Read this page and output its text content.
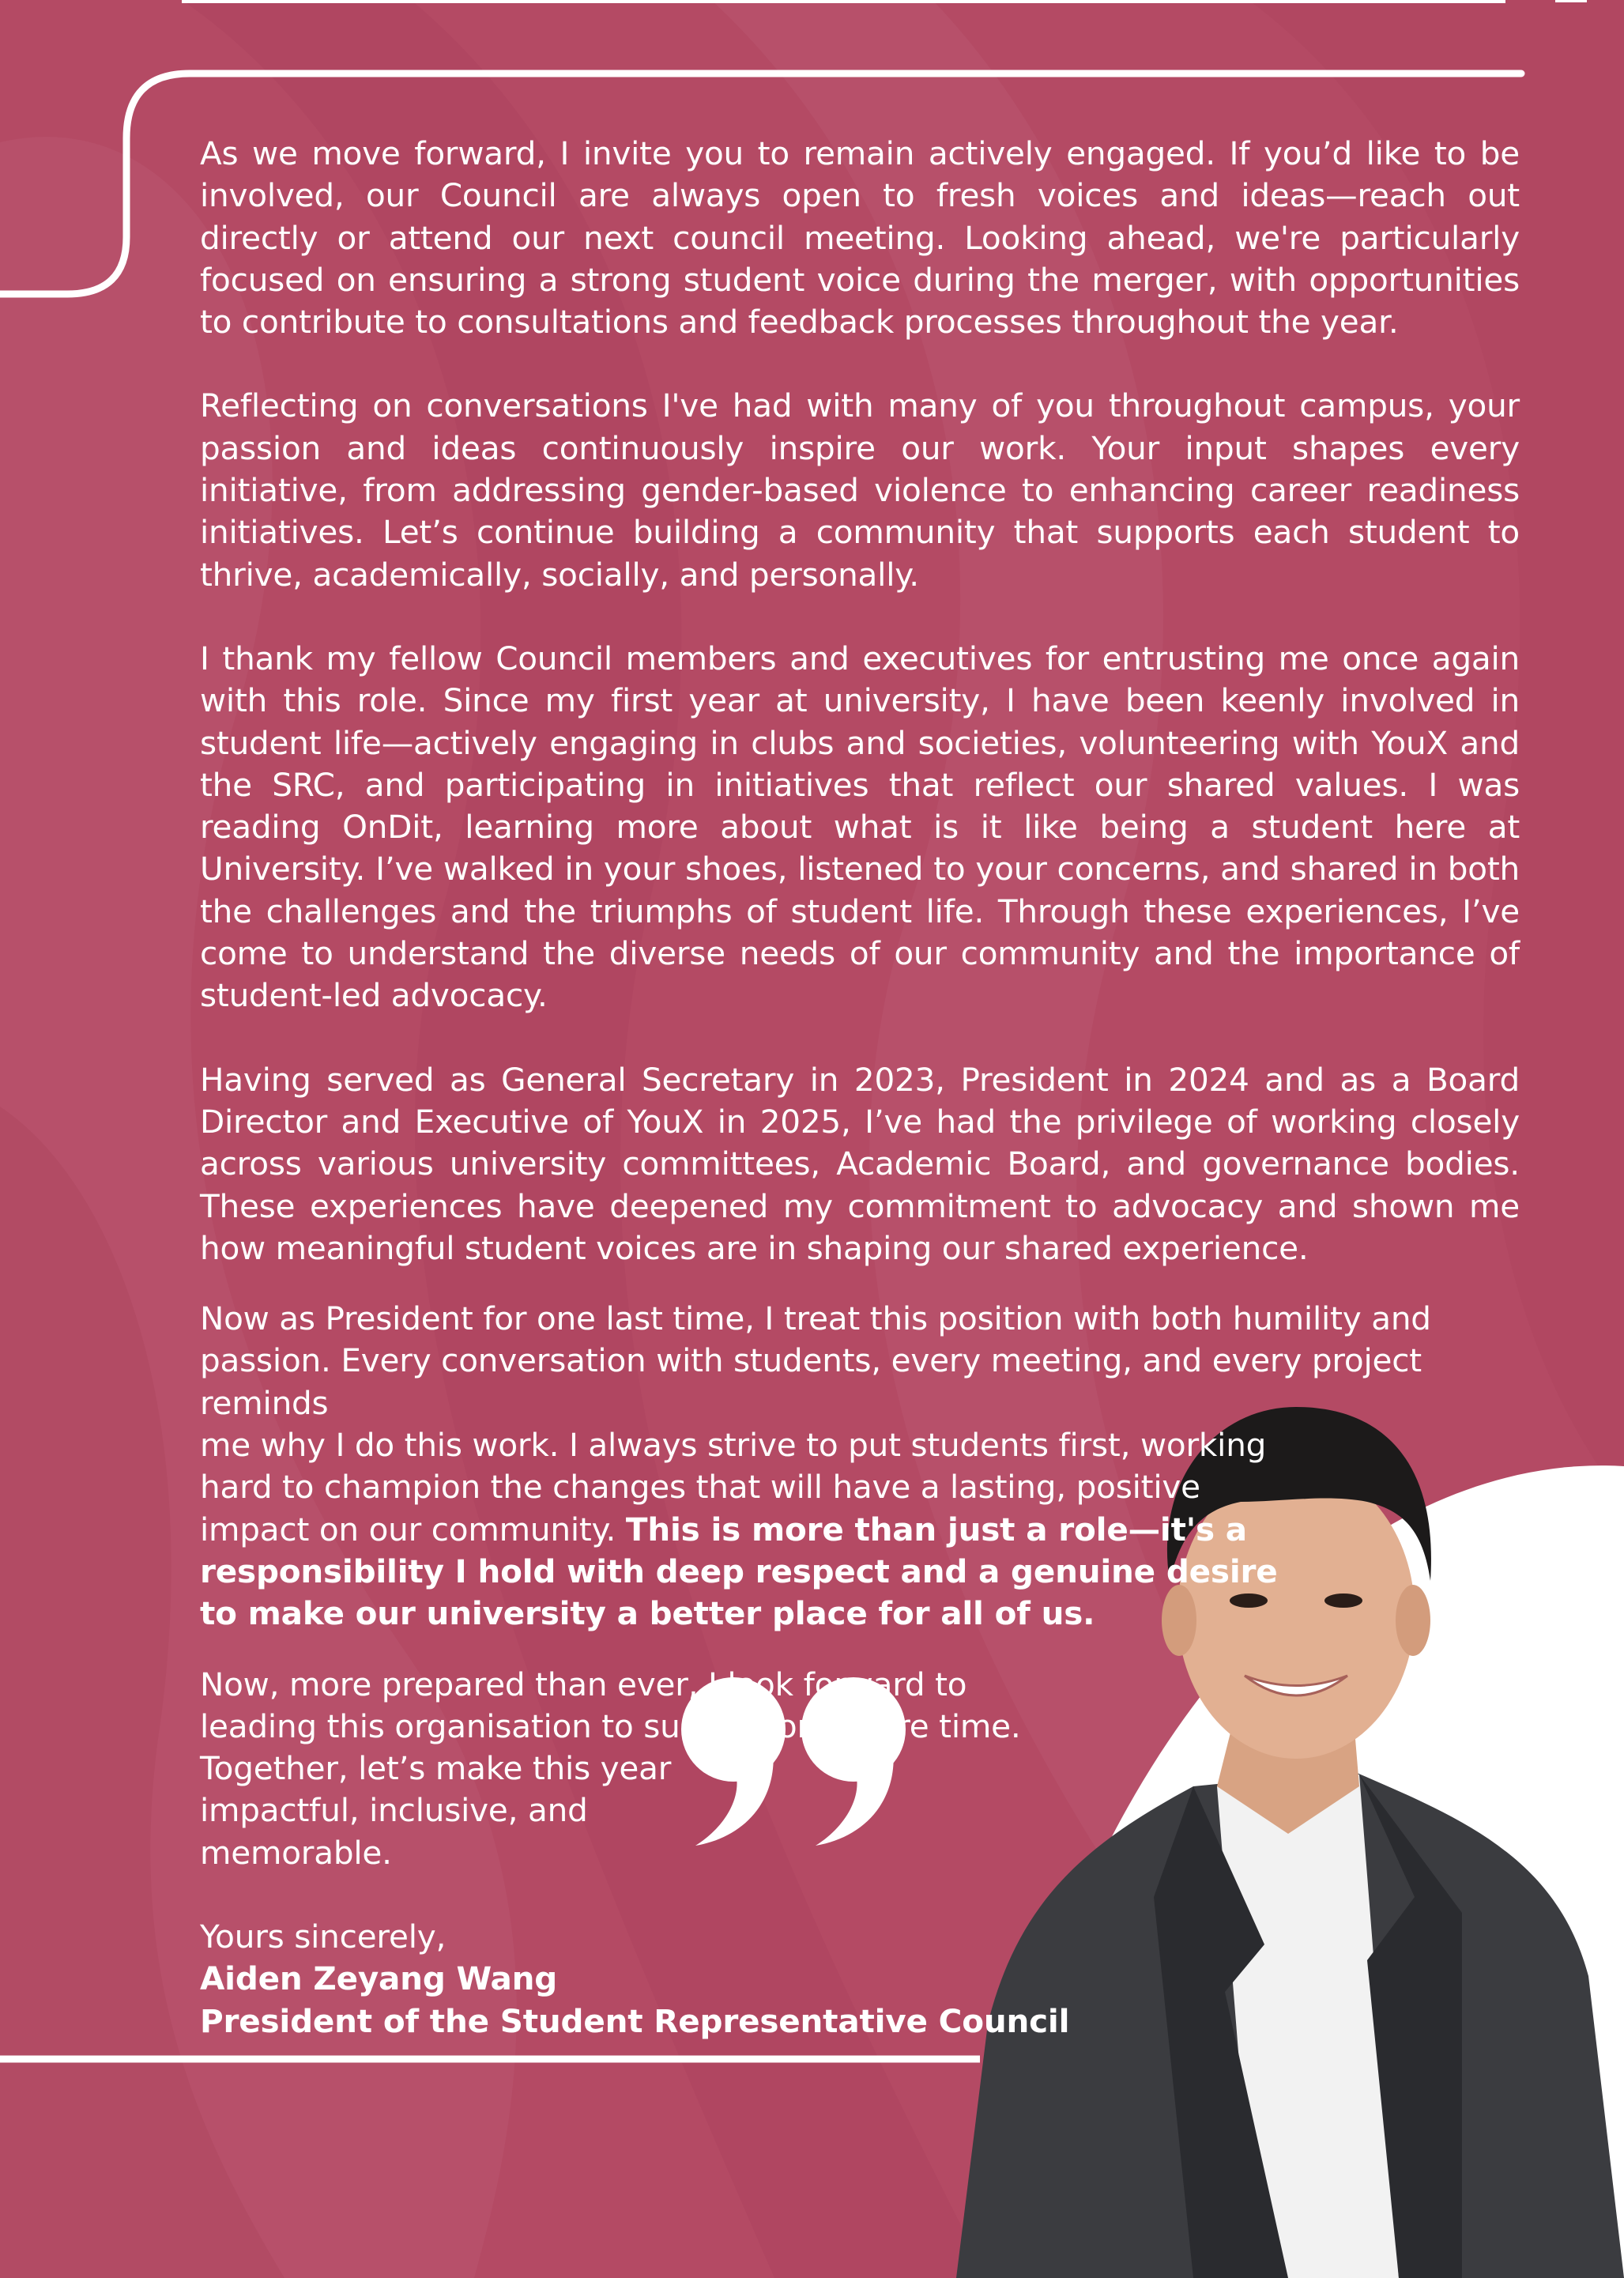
As we move forward, I invite you to remain actively engaged. If you’d like to be involved, our Council are always open to fresh voices and ideas—reach out directly or attend our next council meeting. Looking ahead, we're particularly focused on ensuring a strong student voice during the merger, with opportunities to contribute to consultations and feedback processes throughout the year.

Reflecting on conversations I've had with many of you throughout campus, your passion and ideas continuously inspire our work. Your input shapes every initiative, from addressing gender-based violence to enhancing career readiness initiatives. Let’s continue building a community that supports each student to thrive, academically, socially, and personally.

I thank my fellow Council members and executives for entrusting me once again with this role. Since my first year at university, I have been keenly involved in student life—actively engaging in clubs and societies, volunteering with YouX and the SRC, and participating in initiatives that reflect our shared values. I was reading OnDit, learning more about what is it like being a student here at University. I’ve walked in your shoes, listened to your concerns, and shared in both the challenges and the triumphs of student life. Through these experiences, I’ve come to understand the diverse needs of our community and the importance of student-led advocacy.

Having served as General Secretary in 2023, President in 2024 and as a Board Director and Executive of YouX in 2025, I’ve had the privilege of working closely across various university committees, Academic Board, and governance bodies. These experiences have deepened my commitment to advocacy and shown me how meaningful student voices are in shaping our shared experience.

Now as President for one last time, I treat this position with both humility and
passion. Every conversation with students, every meeting, and every project reminds
me why I do this work. I always strive to put students first, working
hard to champion the changes that will have a lasting, positive
impact on our community. This is more than just a role—it's a
responsibility I hold with deep respect and a genuine desire
to make our university a better place for all of us.

Now, more prepared than ever, I look forward to
leading this organisation to success one more time.
Together, let’s make this year
impactful, inclusive, and
memorable.

Yours sincerely,
Aiden Zeyang Wang
President of the Student Representative Council
